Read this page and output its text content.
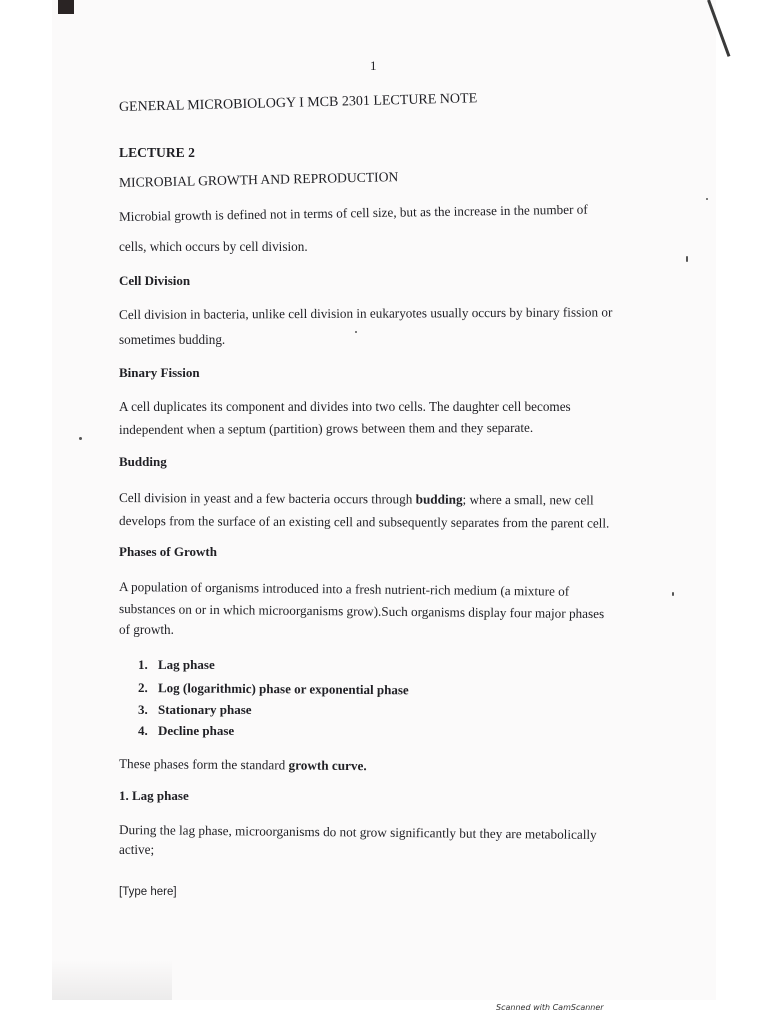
1
GENERAL MICROBIOLOGY I MCB 2301 LECTURE NOTE
LECTURE 2
MICROBIAL GROWTH AND REPRODUCTION
Microbial growth is defined not in terms of cell size, but as the increase in the number of
cells, which occurs by cell division.
Cell Division
Cell division in bacteria, unlike cell division in eukaryotes usually occurs by binary fission or
sometimes budding.
Binary Fission
A cell duplicates its component and divides into two cells. The daughter cell becomes
independent when a septum (partition) grows between them and they separate.
Budding
Cell division in yeast and a few bacteria occurs through budding; where a small, new cell
develops from the surface of an existing cell and subsequently separates from the parent cell.
Phases of Growth
A population of organisms introduced into a fresh nutrient-rich medium (a mixture of
substances on or in which microorganisms grow).Such organisms display four major phases
of growth.
1. Lag phase
2. Log (logarithmic) phase or exponential phase
3. Stationary phase
4. Decline phase
These phases form the standard growth curve.
1. Lag phase
During the lag phase, microorganisms do not grow significantly but they are metabolically
active;
[Type here]
Scanned with CamScanner
